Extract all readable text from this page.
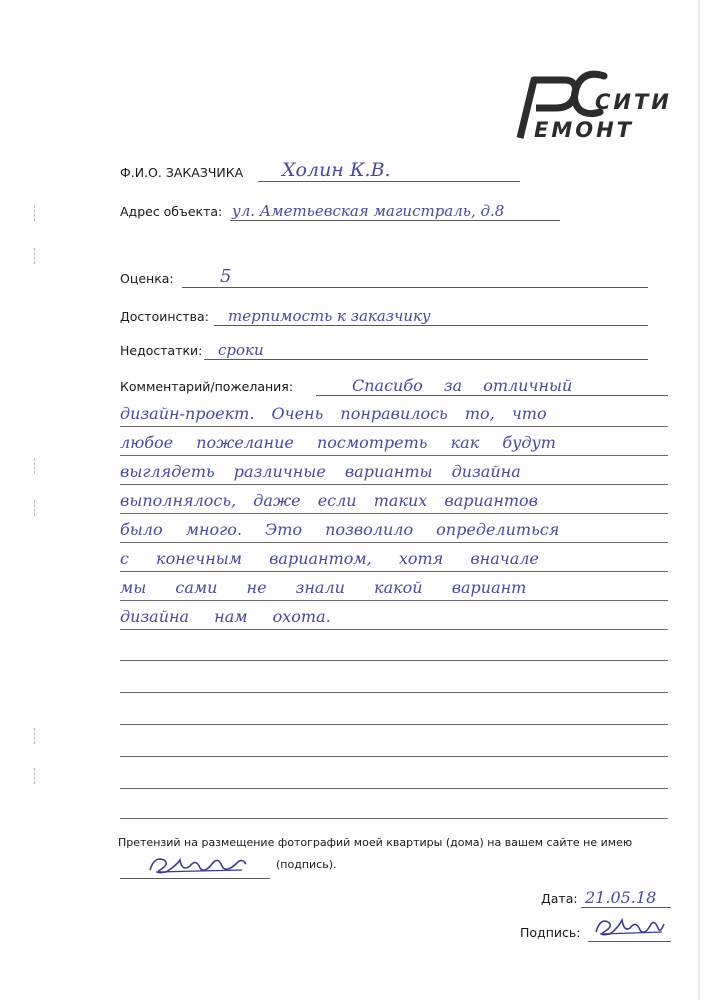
СИТИ
ЕМОНТ
Ф.И.О. ЗАКАЗЧИКА Холин К.В.
Адрес объекта: ул. Аметьевская магистраль, д.8
Оценка:	5
Достоинства: терпимость к заказчику
Недостатки: сроки
Комментарий/пожелания:	Спасибо за отличный
дизайн-проект. Очень понравилось то, что
любое пожелание посмотреть как будут
выглядеть различные варианты дизайна
выполнялось, даже если таких вариантов
было много. Это позволило определиться
с конечным вариантом, хотя вначале
мы сами не знали какой вариант
дизайна нам охота.
Претензий на размещение фотографий моей квартиры (дома) на вашем сайте не имею
(подпись).
Дата: 21.05.18
Подпись:
